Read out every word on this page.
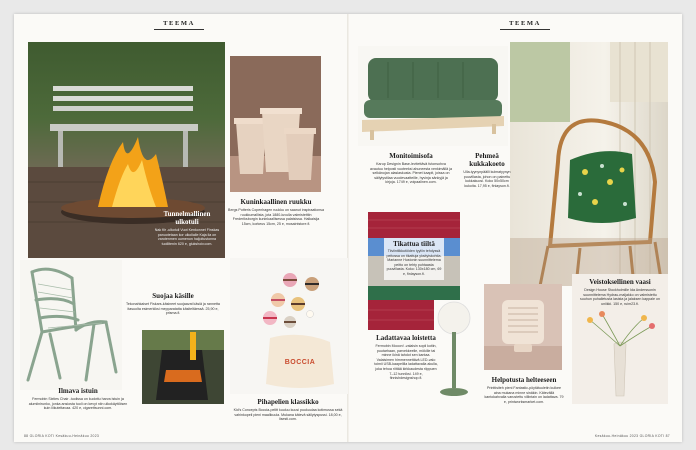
TEEMA	TEEMA
Tunnelmallinen ulkotuli
Nak fiir -ulkotuli Vuot Kenkonnet Finskas panuotetaan kor ulkolialle Kaja ila on varotenmen uumenon haljoitustonna tuollitenin 620 e, glukshoiv.com.
Kuninkaallinen ruukku
Bergs Potteris Copenhagen ruukku on saanut inspiraationsa ruukkumallista, jota 1880-luvulla valmistettiin Frederiksborgin kuninkaallisessa palatsissa. Halkaisija 15cm, korkeus 15cm, 25 e, mosaintstore.fi.
Suojaa käsille
Tekonahkaiset Fiskars-käsineet suojaavat käsiä ja rannetta itasuolta esimerkiksi mepparatatta käsiteltäessä. 25,90 e, prisma.fi.
Ilmava istuin
Fermobin Sixties Chair -tuolissa on kudottu harva istuin ja alumiinirunko, jonka ansiosta tuoli on kevyt niin ulkokäyttöisen kuin liikuteltavaa. 420 e, cigarettsunni.com.
BOCCIA
Pihapelien klassikko
Kid's Concepts Boccia-pelitt kuuluu kuusi puukuulaa kotimussa sekä vahinkopeli pieni maalikuula. Mukana kätevä säilytyspussi. 18,00 e, lisesti.com.
88 GLORIA KOTI Kesäkuu-Heinäkuu 2023
Monitoimisofa
Karup Designin Base-levitettävä futonsohva avautuu helposti vuoteeksi ahuneesta venkimällä ja selkänojan alaslaskusta. Pienet kaapit, joissa on säilytystilaa vuodevaatteille, hyvinja sänkyjä ja kirjoja. 1749 e, voipaalinen.com.
Pehmeä kukkakoeto
Ulla-tyynynpäälli kulmatyynyn puuvillasta, johon on painettu kukkakuosi. Koko 50x50cm kukoita. 17,95 e, finlayson.fi.
Tikattua tiiltä
Tiiviintilkkutöiden tyyliin tehdyssä peitossa on tikattuja yksityiskohtia. Marianne Hustonin suunnittelema peitto on tehty puhtaasta puuvillasta. Koko: 130x180 cm, 69 e, finlayson.fi.
Ladattavaa loistetta
Fermobin Mooon! -valaisin sopii kotiin, puutarhaan, parvekkeelle, mökille tai minne ikinä tahdot sen kantaa. Valaisimen himmennettävä LED-valo toimii USB-kaapelilla ladattavalla akulla, joka tehoa riittää kirkkaudesta riippuen 7–12 tunniksi. 149 e, finnishdesignshop.fi.	Helpotusta helteeseen
Printtisiteh pieni Fantastic-pöytätuuletin kulkee aina mukana minne sinäkin. Kätevällä kantokahvalla varustettu villintain on ladattava. 79 e, printworksmarket.com.
Veistoksellinen vaasi
Design House Stockholmille Ida Anderssonin suunnittelema Hydrau-maljakko on valmistettu suuhun puhalletusta lasista ja jalaksen kappale on uniikki. 150 e, ruim23.fi.
Kesäkuu-Heinäkuu 2023 GLORIA KOTI 87
